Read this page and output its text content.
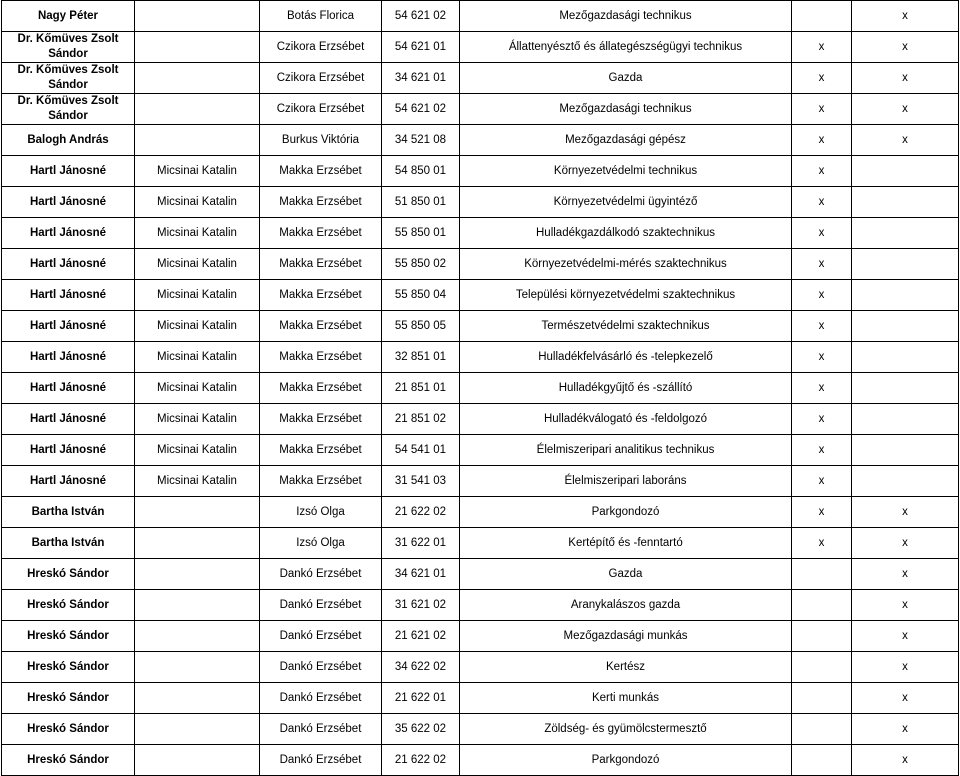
Nagy Péter		Botás Florica	54 621 02	Mezőgazdasági technikus		x
Dr. Kőmüves Zsolt Sándor		Czikora Erzsébet	54 621 01	Állattenyésztő és állategészségügyi technikus	x	x
Dr. Kőmüves Zsolt Sándor		Czikora Erzsébet	34 621 01	Gazda	x	x
Dr. Kőmüves Zsolt Sándor		Czikora Erzsébet	54 621 02	Mezőgazdasági technikus	x	x
Balogh András		Burkus Viktória	34 521 08	Mezőgazdasági gépész	x	x
Hartl Jánosné	Micsinai Katalin	Makka Erzsébet	54 850 01	Környezetvédelmi technikus	x	
Hartl Jánosné	Micsinai Katalin	Makka Erzsébet	51 850 01	Környezetvédelmi ügyintéző	x	
Hartl Jánosné	Micsinai Katalin	Makka Erzsébet	55 850 01	Hulladékgazdálkodó szaktechnikus	x	
Hartl Jánosné	Micsinai Katalin	Makka Erzsébet	55 850 02	Környezetvédelmi-mérés szaktechnikus	x	
Hartl Jánosné	Micsinai Katalin	Makka Erzsébet	55 850 04	Települési környezetvédelmi szaktechnikus	x	
Hartl Jánosné	Micsinai Katalin	Makka Erzsébet	55 850 05	Természetvédelmi szaktechnikus	x	
Hartl Jánosné	Micsinai Katalin	Makka Erzsébet	32 851 01	Hulladékfelvásárló és -telepkezelő	x	
Hartl Jánosné	Micsinai Katalin	Makka Erzsébet	21 851 01	Hulladékgyűjtő és -szállító	x	
Hartl Jánosné	Micsinai Katalin	Makka Erzsébet	21 851 02	Hulladékválogató és -feldolgozó	x	
Hartl Jánosné	Micsinai Katalin	Makka Erzsébet	54 541 01	Élelmiszeripari analitikus technikus	x	
Hartl Jánosné	Micsinai Katalin	Makka Erzsébet	31 541 03	Élelmiszeripari laboráns	x	
Bartha István		Izsó Olga	21 622 02	Parkgondozó	x	x
Bartha István		Izsó Olga	31 622 01	Kertépítő és -fenntartó	x	x
Hreskó Sándor		Dankó Erzsébet	34 621 01	Gazda		x
Hreskó Sándor		Dankó Erzsébet	31 621 02	Aranykalászos gazda		x
Hreskó Sándor		Dankó Erzsébet	21 621 02	Mezőgazdasági munkás		x
Hreskó Sándor		Dankó Erzsébet	34 622 02	Kertész		x
Hreskó Sándor		Dankó Erzsébet	21 622 01	Kerti munkás		x
Hreskó Sándor		Dankó Erzsébet	35 622 02	Zöldség- és gyümölcstermesztő		x
Hreskó Sándor		Dankó Erzsébet	21 622 02	Parkgondozó		x
